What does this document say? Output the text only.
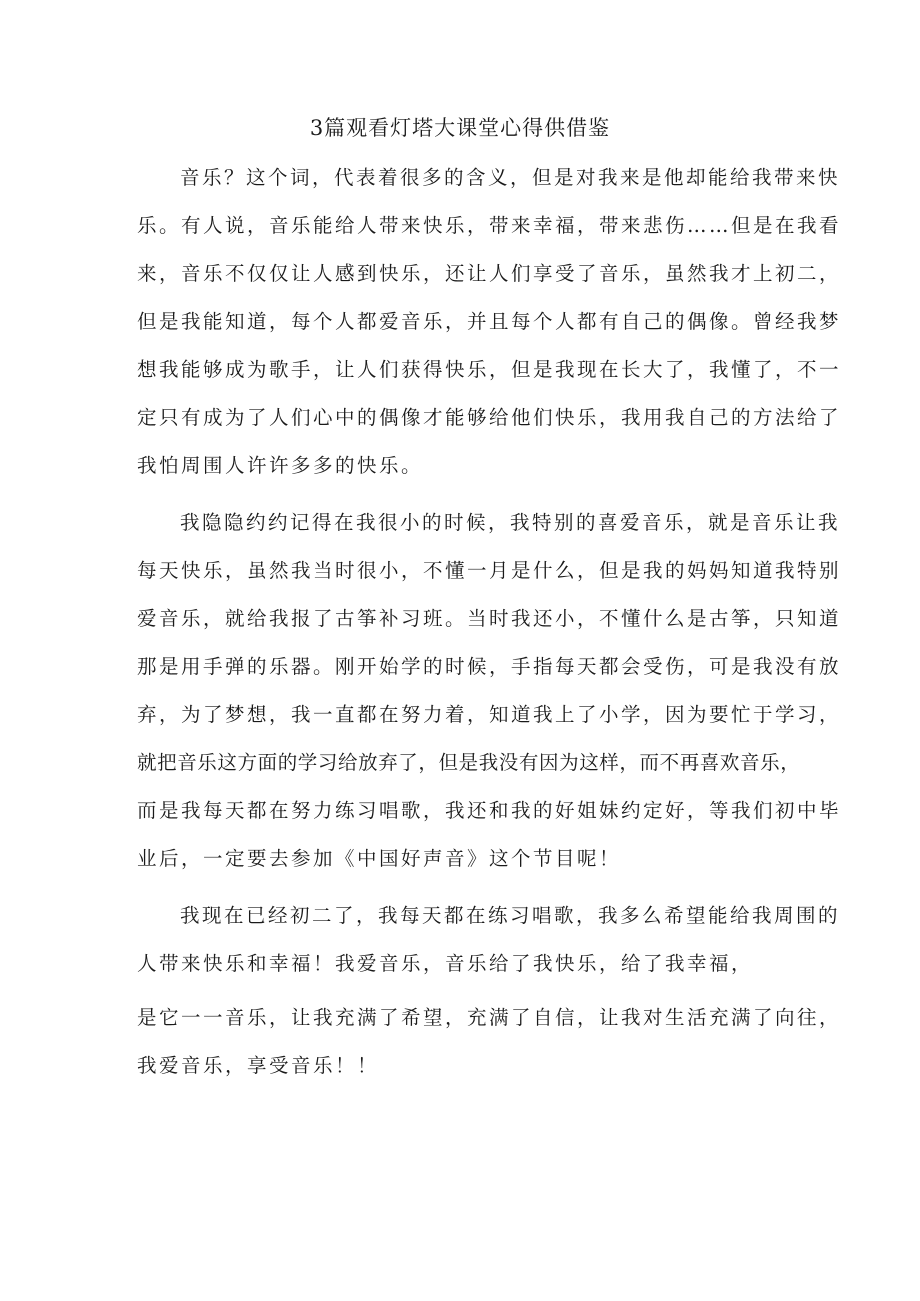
3篇观看灯塔大课堂心得供借鉴

音乐？这个词，代表着很多的含义，但是对我来是他却能给我带来快

乐。有人说，音乐能给人带来快乐，带来幸福，带来悲伤……但是在我看

来，音乐不仅仅让人感到快乐，还让人们享受了音乐，虽然我才上初二，

但是我能知道，每个人都爱音乐，并且每个人都有自己的偶像。曾经我梦

想我能够成为歌手，让人们获得快乐，但是我现在长大了，我懂了，不一

定只有成为了人们心中的偶像才能够给他们快乐，我用我自己的方法给了

我怕周围人许许多多的快乐。

我隐隐约约记得在我很小的时候，我特别的喜爱音乐，就是音乐让我

每天快乐，虽然我当时很小，不懂一月是什么，但是我的妈妈知道我特别

爱音乐，就给我报了古筝补习班。当时我还小，不懂什么是古筝，只知道

那是用手弹的乐器。刚开始学的时候，手指每天都会受伤，可是我没有放

弃，为了梦想，我一直都在努力着，知道我上了小学，因为要忙于学习，

就把音乐这方面的学习给放弃了，但是我没有因为这样，而不再喜欢音乐，

而是我每天都在努力练习唱歌，我还和我的好姐妹约定好，等我们初中毕

业后，一定要去参加《中国好声音》这个节目呢！

我现在已经初二了，我每天都在练习唱歌，我多么希望能给我周围的

人带来快乐和幸福！我爱音乐，音乐给了我快乐，给了我幸福，

是它一一音乐，让我充满了希望，充满了自信，让我对生活充满了向往，

我爱音乐，享受音乐！！
